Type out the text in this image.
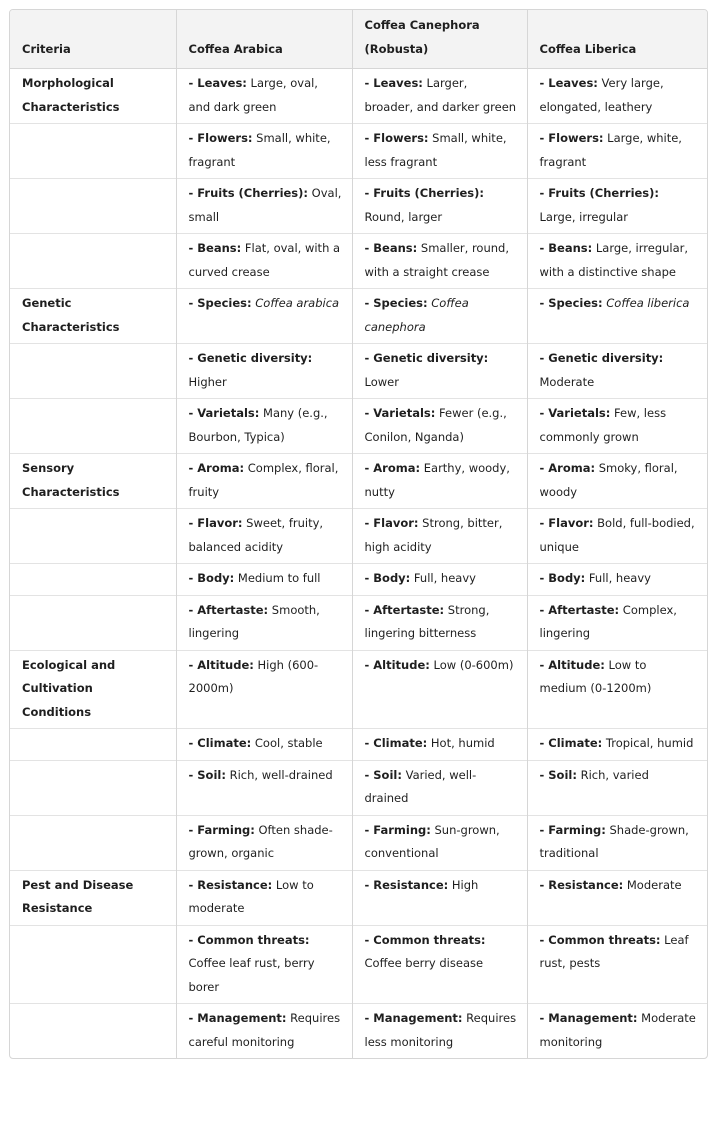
Criteria	Coffea Arabica	Coffea Canephora (Robusta)	Coffea Liberica
Morphological Characteristics	- Leaves: Large, oval, and dark green	- Leaves: Larger, broader, and darker green	- Leaves: Very large, elongated, leathery
	- Flowers: Small, white, fragrant	- Flowers: Small, white, less fragrant	- Flowers: Large, white, fragrant
	- Fruits (Cherries): Oval, small	- Fruits (Cherries): Round, larger	- Fruits (Cherries): Large, irregular
	- Beans: Flat, oval, with a curved crease	- Beans: Smaller, round, with a straight crease	- Beans: Large, irregular, with a distinctive shape
Genetic Characteristics	- Species: Coffea arabica	- Species: Coffea canephora	- Species: Coffea liberica
	- Genetic diversity: Higher	- Genetic diversity: Lower	- Genetic diversity: Moderate
	- Varietals: Many (e.g., Bourbon, Typica)	- Varietals: Fewer (e.g., Conilon, Nganda)	- Varietals: Few, less commonly grown
Sensory Characteristics	- Aroma: Complex, floral, fruity	- Aroma: Earthy, woody, nutty	- Aroma: Smoky, floral, woody
	- Flavor: Sweet, fruity, balanced acidity	- Flavor: Strong, bitter, high acidity	- Flavor: Bold, full-bodied, unique
	- Body: Medium to full	- Body: Full, heavy	- Body: Full, heavy
	- Aftertaste: Smooth, lingering	- Aftertaste: Strong, lingering bitterness	- Aftertaste: Complex, lingering
Ecological and Cultivation Conditions	- Altitude: High (600-2000m)	- Altitude: Low (0-600m)	- Altitude: Low to medium (0-1200m)
	- Climate: Cool, stable	- Climate: Hot, humid	- Climate: Tropical, humid
	- Soil: Rich, well-drained	- Soil: Varied, well-drained	- Soil: Rich, varied
	- Farming: Often shade-grown, organic	- Farming: Sun-grown, conventional	- Farming: Shade-grown, traditional
Pest and Disease Resistance	- Resistance: Low to moderate	- Resistance: High	- Resistance: Moderate
	- Common threats: Coffee leaf rust, berry borer	- Common threats: Coffee berry disease	- Common threats: Leaf rust, pests
	- Management: Requires careful monitoring	- Management: Requires less monitoring	- Management: Moderate monitoring
